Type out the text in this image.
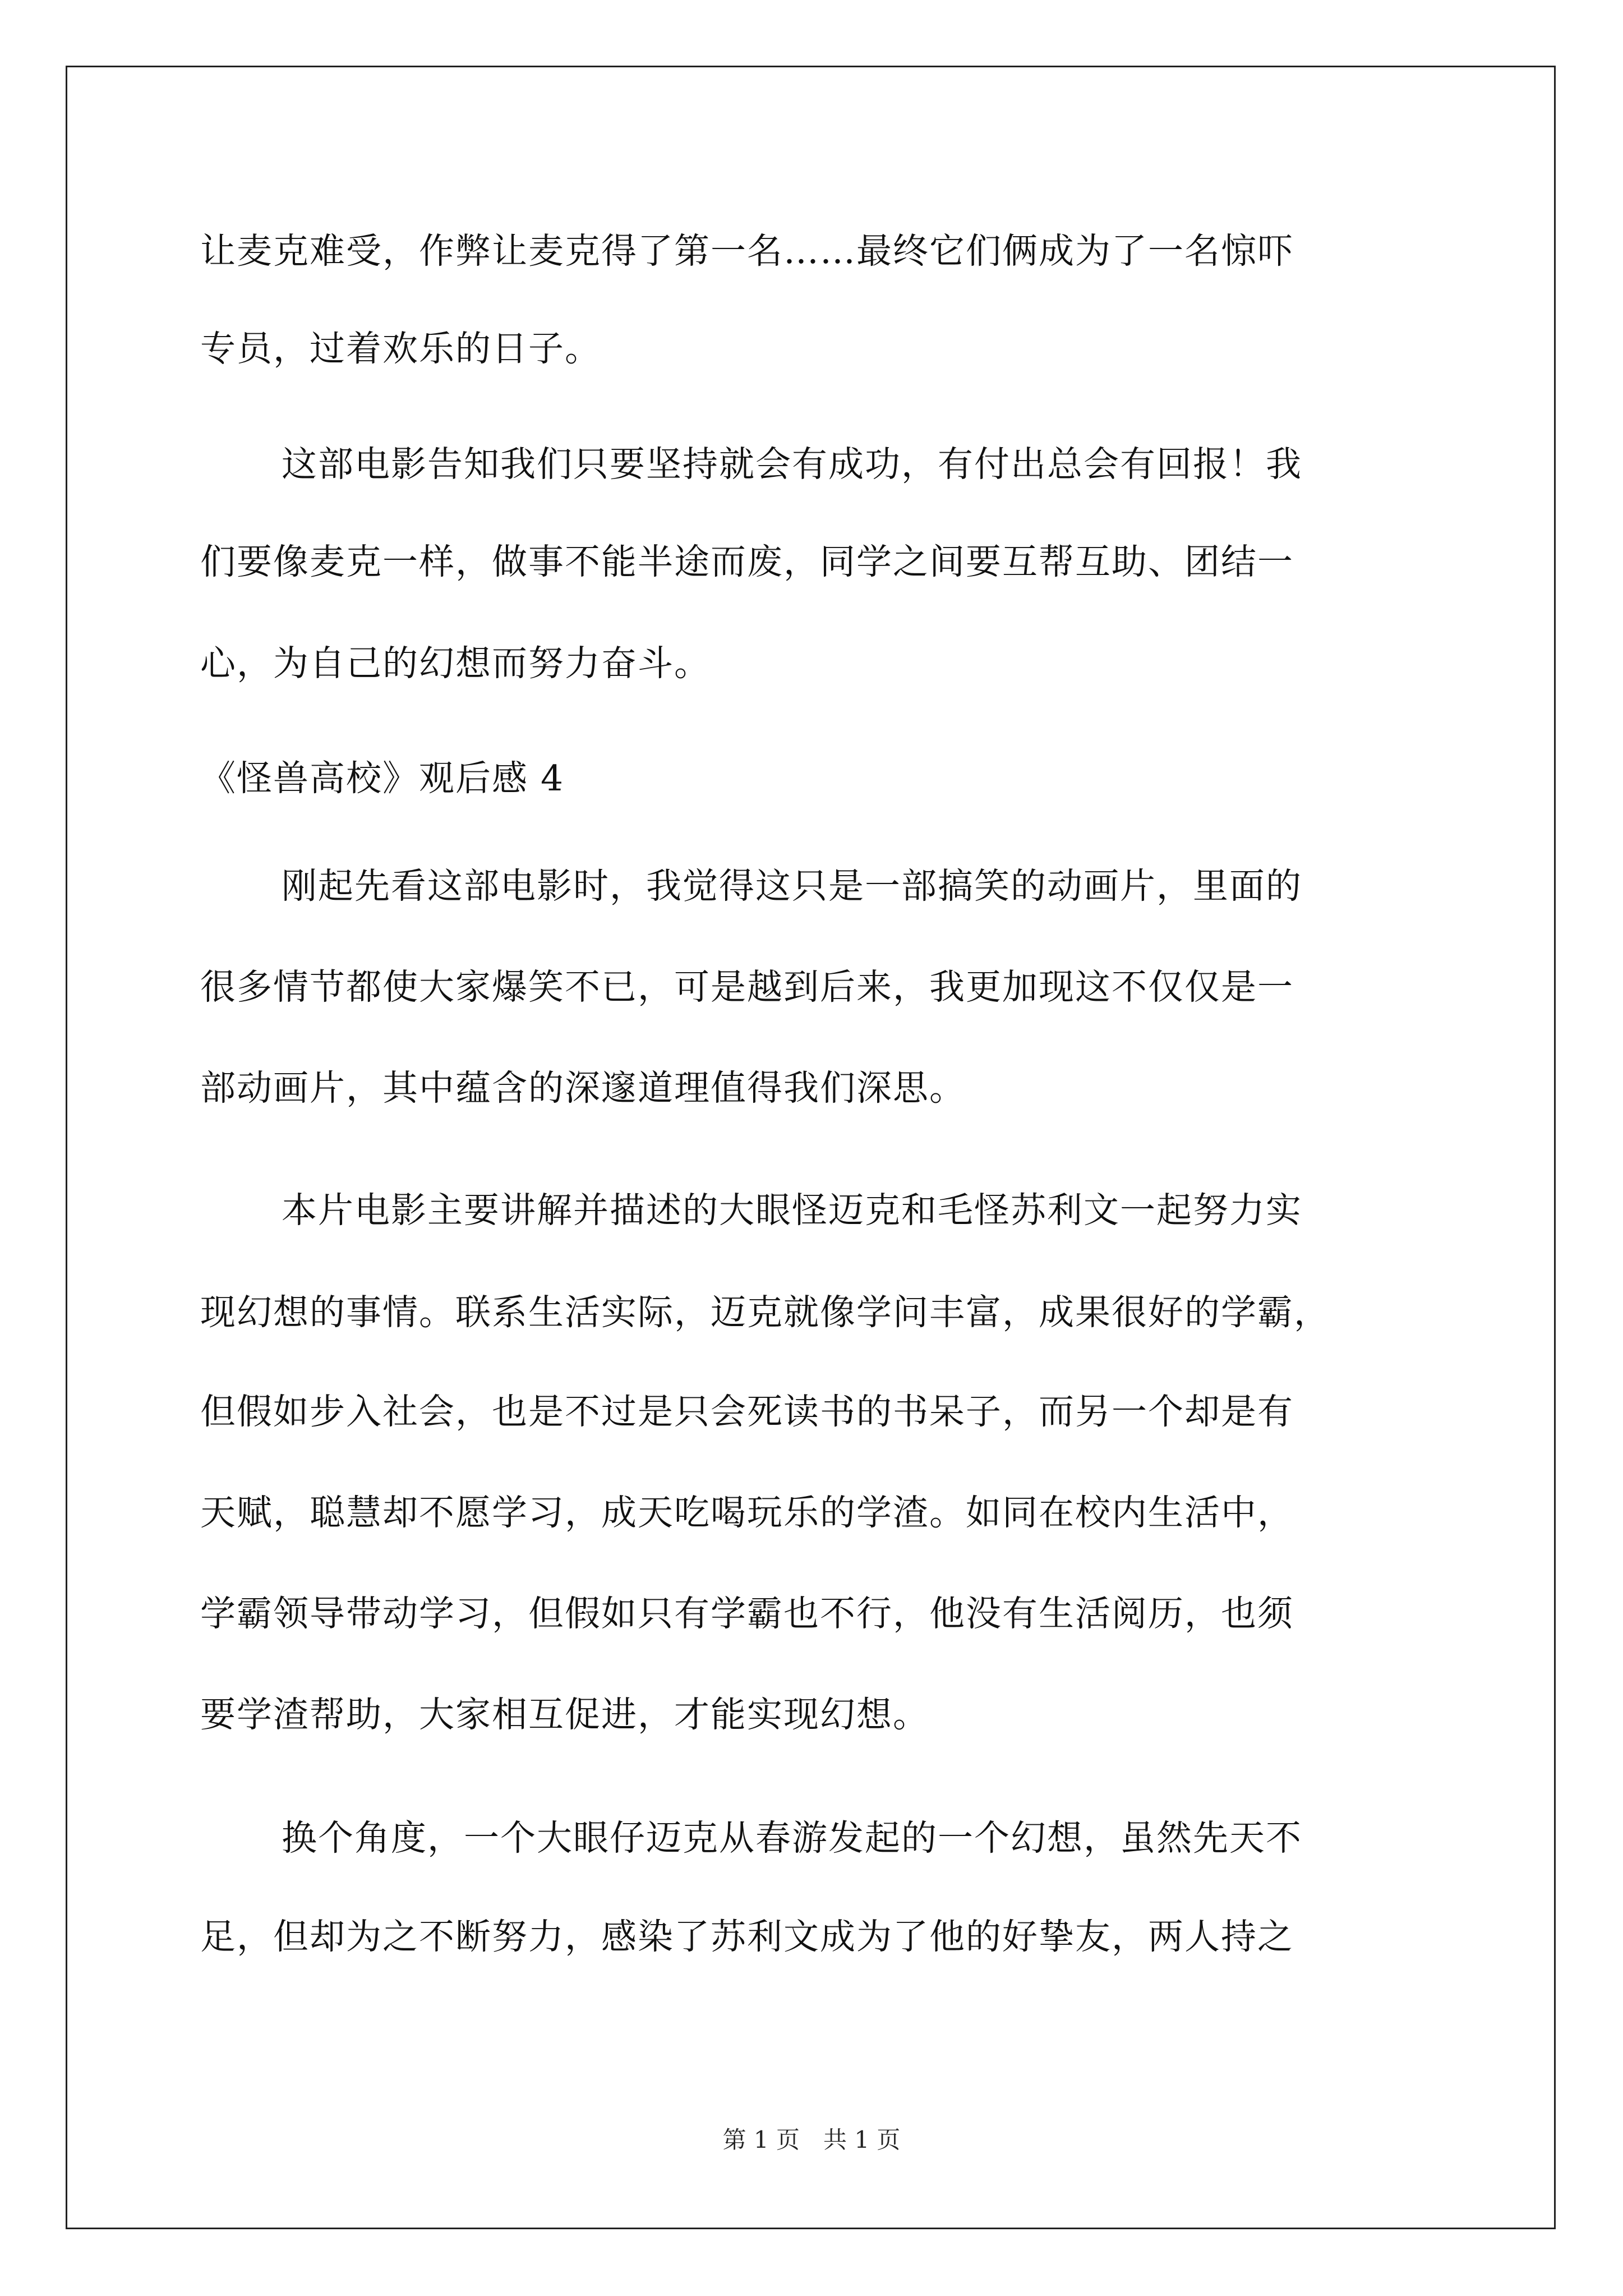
让麦克难受，作弊让麦克得了第一名……最终它们俩成为了一名惊吓
专员，过着欢乐的日子。
这部电影告知我们只要坚持就会有成功，有付出总会有回报！我
们要像麦克一样，做事不能半途而废，同学之间要互帮互助、团结一
心，为自己的幻想而努力奋斗。
《怪兽高校》观后感 4
刚起先看这部电影时，我觉得这只是一部搞笑的动画片，里面的
很多情节都使大家爆笑不已，可是越到后来，我更加现这不仅仅是一
部动画片，其中蕴含的深邃道理值得我们深思。
本片电影主要讲解并描述的大眼怪迈克和毛怪苏利文一起努力实
现幻想的事情。联系生活实际，迈克就像学问丰富，成果很好的学霸，
但假如步入社会，也是不过是只会死读书的书呆子，而另一个却是有
天赋，聪慧却不愿学习，成天吃喝玩乐的学渣。如同在校内生活中，
学霸领导带动学习，但假如只有学霸也不行，他没有生活阅历，也须
要学渣帮助，大家相互促进，才能实现幻想。
换个角度，一个大眼仔迈克从春游发起的一个幻想，虽然先天不
足，但却为之不断努力，感染了苏利文成为了他的好挚友，两人持之
第 1 页　共 1 页
